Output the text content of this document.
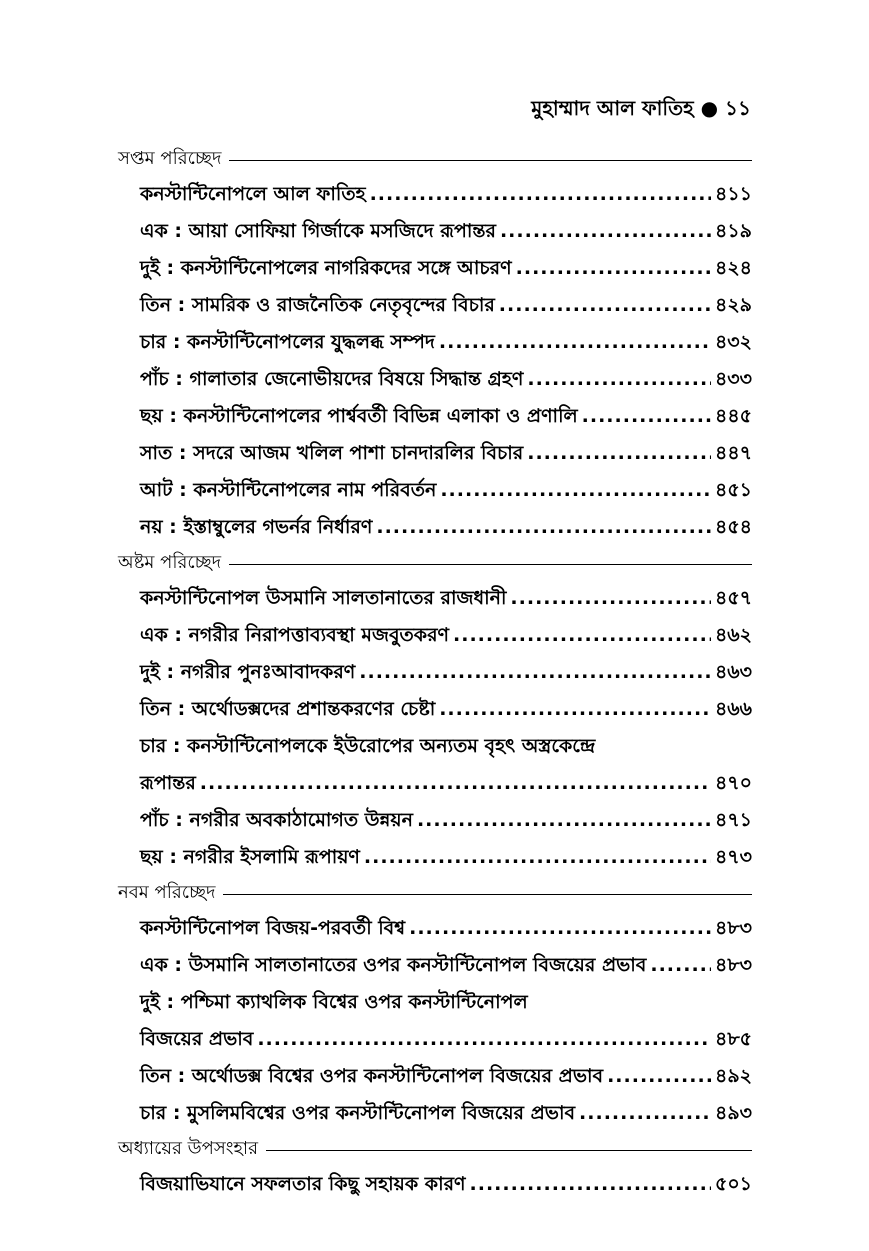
মুহাম্মাদ আল ফাতিহ ● ১১
সপ্তম পরিচ্ছেদ
কনস্টান্টিনোপলে আল ফাতিহ .....	৪১১
এক : আয়া সোফিয়া গির্জাকে মসজিদে রূপান্তর .....	৪১৯
দুই : কনস্টান্টিনোপলের নাগরিকদের সঙ্গে আচরণ .....	৪২৪
তিন : সামরিক ও রাজনৈতিক নেতৃবৃন্দের বিচার .....	৪২৯
চার : কনস্টান্টিনোপলের যুদ্ধলব্ধ সম্পদ .....	৪৩২
পাঁচ : গালাতার জেনোভীয়দের বিষয়ে সিদ্ধান্ত গ্রহণ .....	৪৩৩
ছয় : কনস্টান্টিনোপলের পার্শ্ববর্তী বিভিন্ন এলাকা ও প্রণালি .....	৪৪৫
সাত : সদরে আজম খলিল পাশা চানদারলির বিচার .....	৪৪৭
আট : কনস্টান্টিনোপলের নাম পরিবর্তন .....	৪৫১
নয় : ইস্তাম্বুলের গভর্নর নির্ধারণ .....	৪৫৪
অষ্টম পরিচ্ছেদ
কনস্টান্টিনোপল উসমানি সালতানাতের রাজধানী .....	৪৫৭
এক : নগরীর নিরাপত্তাব্যবস্থা মজবুতকরণ .....	৪৬২
দুই : নগরীর পুনঃআবাদকরণ .....	৪৬৩
তিন : অর্থোডক্সদের প্রশান্তকরণের চেষ্টা .....	৪৬৬
চার : কনস্টান্টিনোপলকে ইউরোপের অন্যতম বৃহৎ অস্ত্রকেন্দ্রে
রূপান্তর .....	৪৭০
পাঁচ : নগরীর অবকাঠামোগত উন্নয়ন .....	৪৭১
ছয় : নগরীর ইসলামি রূপায়ণ .....	৪৭৩
নবম পরিচ্ছেদ
কনস্টান্টিনোপল বিজয়-পরবর্তী বিশ্ব .....	৪৮৩
এক : উসমানি সালতানাতের ওপর কনস্টান্টিনোপল বিজয়ের প্রভাব .....	৪৮৩
দুই : পশ্চিমা ক্যাথলিক বিশ্বের ওপর কনস্টান্টিনোপল
বিজয়ের প্রভাব .....	৪৮৫
তিন : অর্থোডক্স বিশ্বের ওপর কনস্টান্টিনোপল বিজয়ের প্রভাব .....	৪৯২
চার : মুসলিমবিশ্বের ওপর কনস্টান্টিনোপল বিজয়ের প্রভাব .....	৪৯৩
অধ্যায়ের উপসংহার
বিজয়াভিযানে সফলতার কিছু সহায়ক কারণ .....	৫০১
